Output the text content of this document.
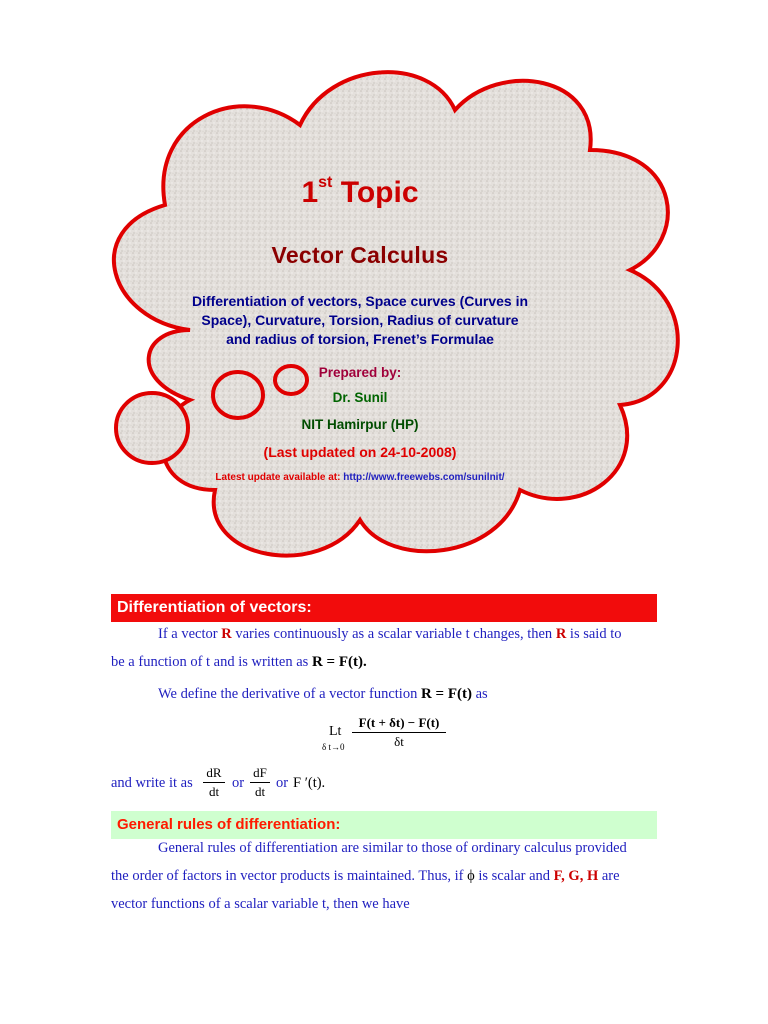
1st Topic
Vector Calculus
Differentiation of vectors, Space curves (Curves in
Space), Curvature, Torsion, Radius of curvature
and radius of torsion, Frenet’s Formulae
Prepared by:
Dr. Sunil
NIT Hamirpur (HP)
(Last updated on 24-10-2008)
Latest update available at: http://www.freewebs.com/sunilnit/
Differentiation of vectors:
If a vector R varies continuously as a scalar variable t changes, then R is said to
be a function of t and is written as R = F(t).
We define the derivative of a vector function R = F(t) as
Lt
δ t→0
F(t + δt) − F(t)
δt
and write it as
dR
dt
or
dF
dt
or F ′(t).
General rules of differentiation:
General rules of differentiation are similar to those of ordinary calculus provided
the order of factors in vector products is maintained. Thus, if ϕ is scalar and F, G, H are
vector functions of a scalar variable t, then we have
